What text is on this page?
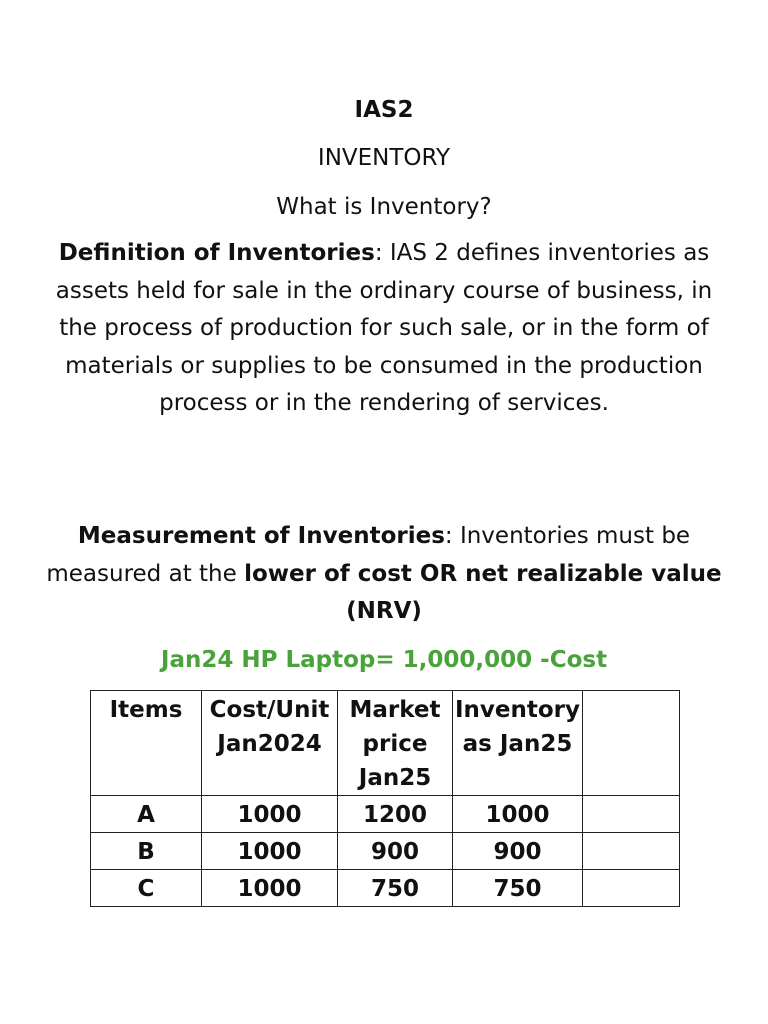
IAS2
INVENTORY
What is Inventory?
Definition of Inventories: IAS 2 defines inventories as assets held for sale in the ordinary course of business, in the process of production for such sale, or in the form of materials or supplies to be consumed in the production process or in the rendering of services.
Measurement of Inventories: Inventories must be measured at the lower of cost OR net realizable value (NRV)
Jan24 HP Laptop= 1,000,000 -Cost
Items	Cost/Unit Jan2024	Market price Jan25	Inventory as Jan25	
A	1000	1200	1000	
B	1000	900	900	
C	1000	750	750	
